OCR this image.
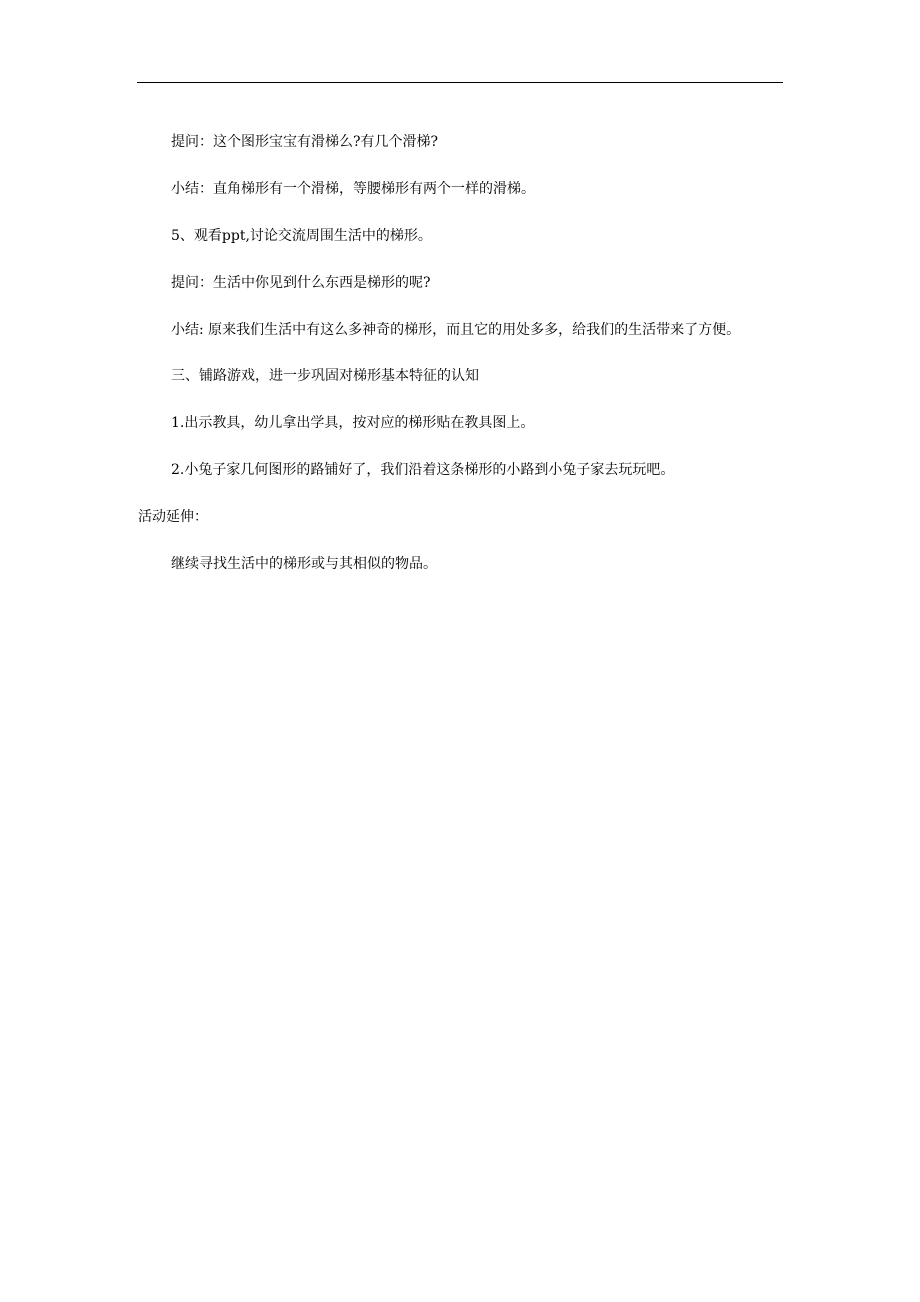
提问：这个图形宝宝有滑梯么?有几个滑梯?

小结：直角梯形有一个滑梯，等腰梯形有两个一样的滑梯。

5、观看ppt,讨论交流周围生活中的梯形。

提问：生活中你见到什么东西是梯形的呢?

小结: 原来我们生活中有这么多神奇的梯形，而且它的用处多多，给我们的生活带来了方便。

三、铺路游戏，进一步巩固对梯形基本特征的认知

1.出示教具，幼儿拿出学具，按对应的梯形贴在教具图上。

2.小兔子家几何图形的路铺好了，我们沿着这条梯形的小路到小兔子家去玩玩吧。

活动延伸：

继续寻找生活中的梯形或与其相似的物品。
